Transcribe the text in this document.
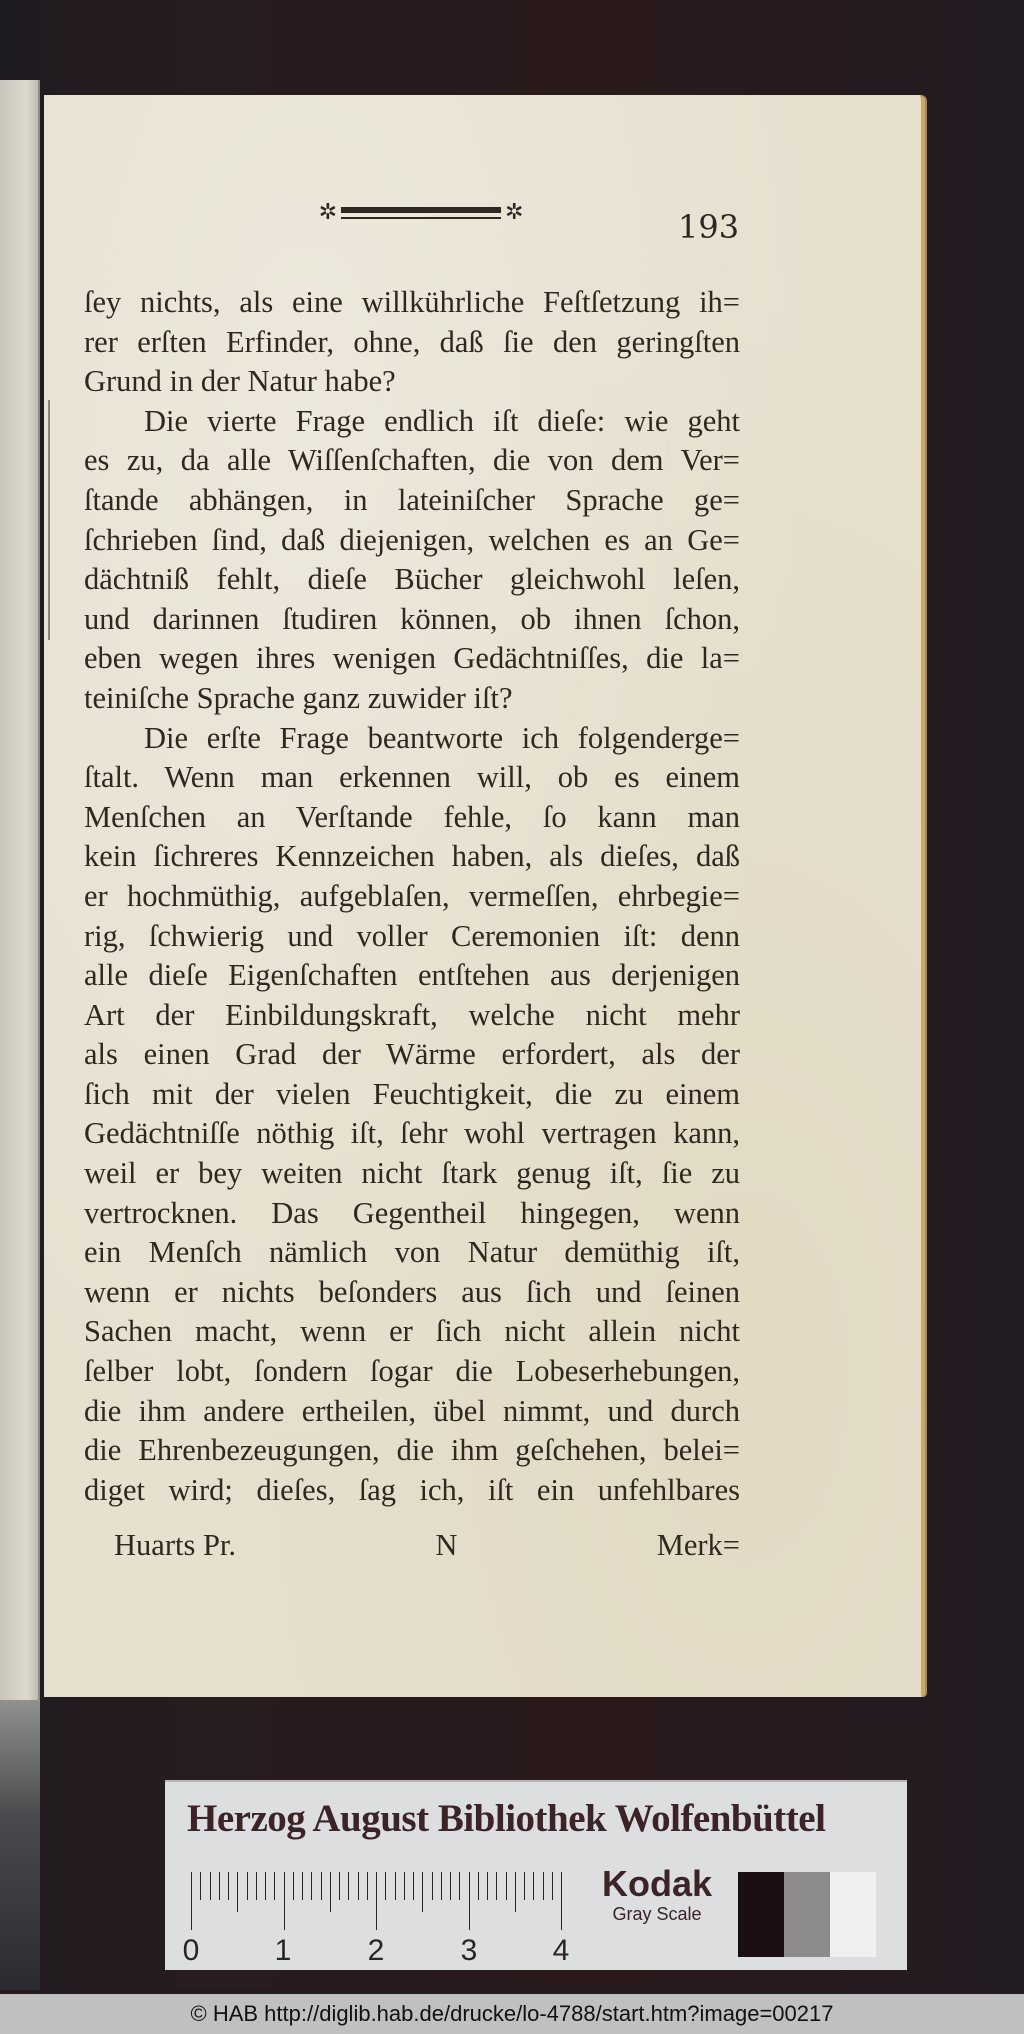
✲	✲	193
ſey nichts, als eine willkührliche Feſtſetzung ih=
rer erſten Erfinder, ohne, daß ſie den geringſten
Grund in der Natur habe?
Die vierte Frage endlich iſt dieſe: wie geht
es zu, da alle Wiſſenſchaften, die von dem Ver=
ſtande abhängen, in lateiniſcher Sprache ge=
ſchrieben ſind, daß diejenigen, welchen es an Ge=
dächtniß fehlt, dieſe Bücher gleichwohl leſen,
und darinnen ſtudiren können, ob ihnen ſchon,
eben wegen ihres wenigen Gedächtniſſes, die la=
teiniſche Sprache ganz zuwider iſt?
Die erſte Frage beantworte ich folgenderge=
ſtalt. Wenn man erkennen will, ob es einem
Menſchen an Verſtande fehle, ſo kann man
kein ſichreres Kennzeichen haben, als dieſes, daß
er hochmüthig, aufgeblaſen, vermeſſen, ehrbegie=
rig, ſchwierig und voller Ceremonien iſt: denn
alle dieſe Eigenſchaften entſtehen aus derjenigen
Art der Einbildungskraft, welche nicht mehr
als einen Grad der Wärme erfordert, als der
ſich mit der vielen Feuchtigkeit, die zu einem
Gedächtniſſe nöthig iſt, ſehr wohl vertragen kann,
weil er bey weiten nicht ſtark genug iſt, ſie zu
vertrocknen. Das Gegentheil hingegen, wenn
ein Menſch nämlich von Natur demüthig iſt,
wenn er nichts beſonders aus ſich und ſeinen
Sachen macht, wenn er ſich nicht allein nicht
ſelber lobt, ſondern ſogar die Lobeserhebungen,
die ihm andere ertheilen, übel nimmt, und durch
die Ehrenbezeugungen, die ihm geſchehen, belei=
diget wird; dieſes, ſag ich, iſt ein unfehlbares
Huarts Pr.	N	Merk=
Herzog August Bibliothek Wolfenbüttel
0	1	2	3	4
Kodak
Gray Scale
© HAB http://diglib.hab.de/drucke/lo-4788/start.htm?image=00217
